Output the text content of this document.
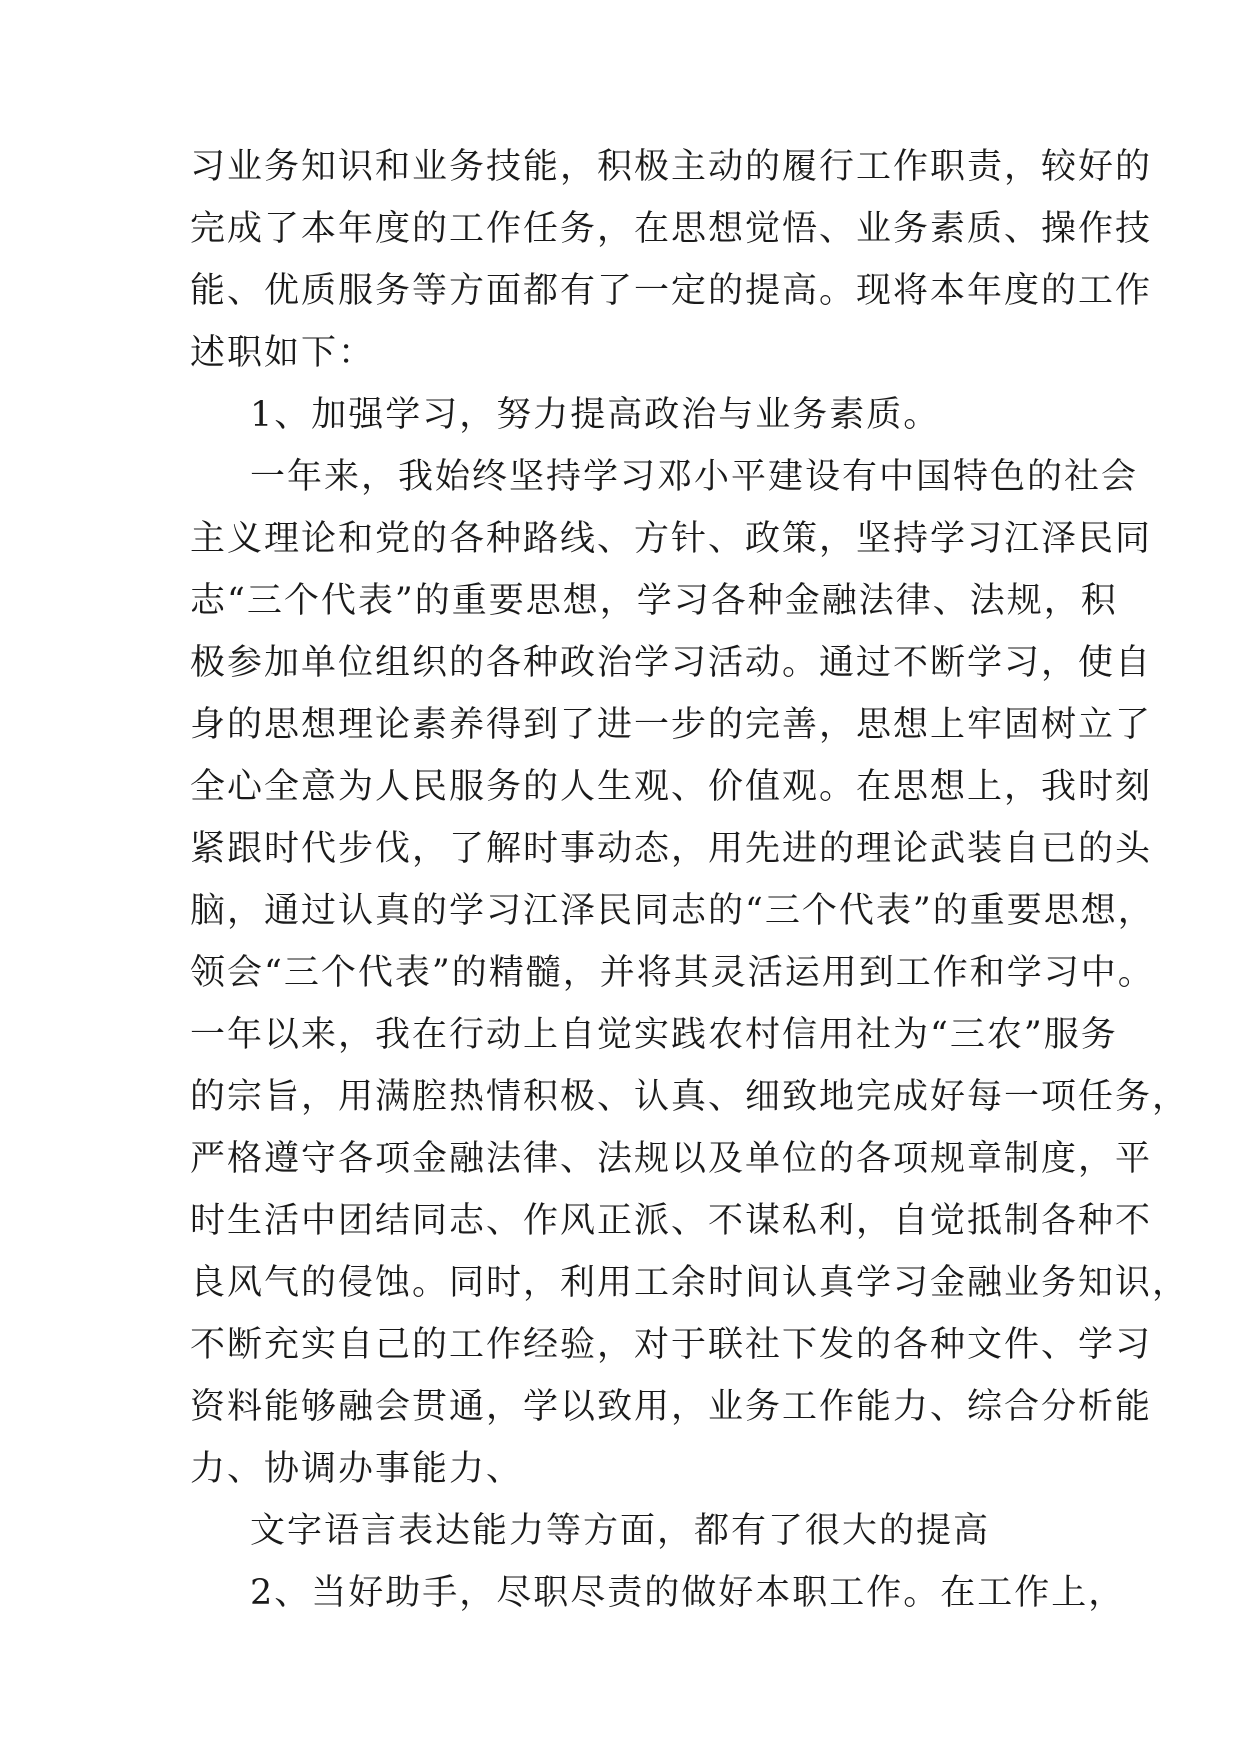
习业务知识和业务技能，积极主动的履行工作职责，较好的
完成了本年度的工作任务，在思想觉悟、业务素质、操作技
能、优质服务等方面都有了一定的提高。现将本年度的工作
述职如下：
1、加强学习，努力提高政治与业务素质。
一年来，我始终坚持学习邓小平建设有中国特色的社会
主义理论和党的各种路线、方针、政策，坚持学习江泽民同
志“三个代表”的重要思想，学习各种金融法律、法规，积
极参加单位组织的各种政治学习活动。通过不断学习，使自
身的思想理论素养得到了进一步的完善，思想上牢固树立了
全心全意为人民服务的人生观、价值观。在思想上，我时刻
紧跟时代步伐，了解时事动态，用先进的理论武装自已的头
脑，通过认真的学习江泽民同志的“三个代表”的重要思想，
领会“三个代表”的精髓，并将其灵活运用到工作和学习中。
一年以来，我在行动上自觉实践农村信用社为“三农”服务
的宗旨，用满腔热情积极、认真、细致地完成好每一项任务，
严格遵守各项金融法律、法规以及单位的各项规章制度，平
时生活中团结同志、作风正派、不谋私利，自觉抵制各种不
良风气的侵蚀。同时，利用工余时间认真学习金融业务知识，
不断充实自己的工作经验，对于联社下发的各种文件、学习
资料能够融会贯通，学以致用，业务工作能力、综合分析能
力、协调办事能力、
文字语言表达能力等方面，都有了很大的提高
2、当好助手，尽职尽责的做好本职工作。在工作上，
